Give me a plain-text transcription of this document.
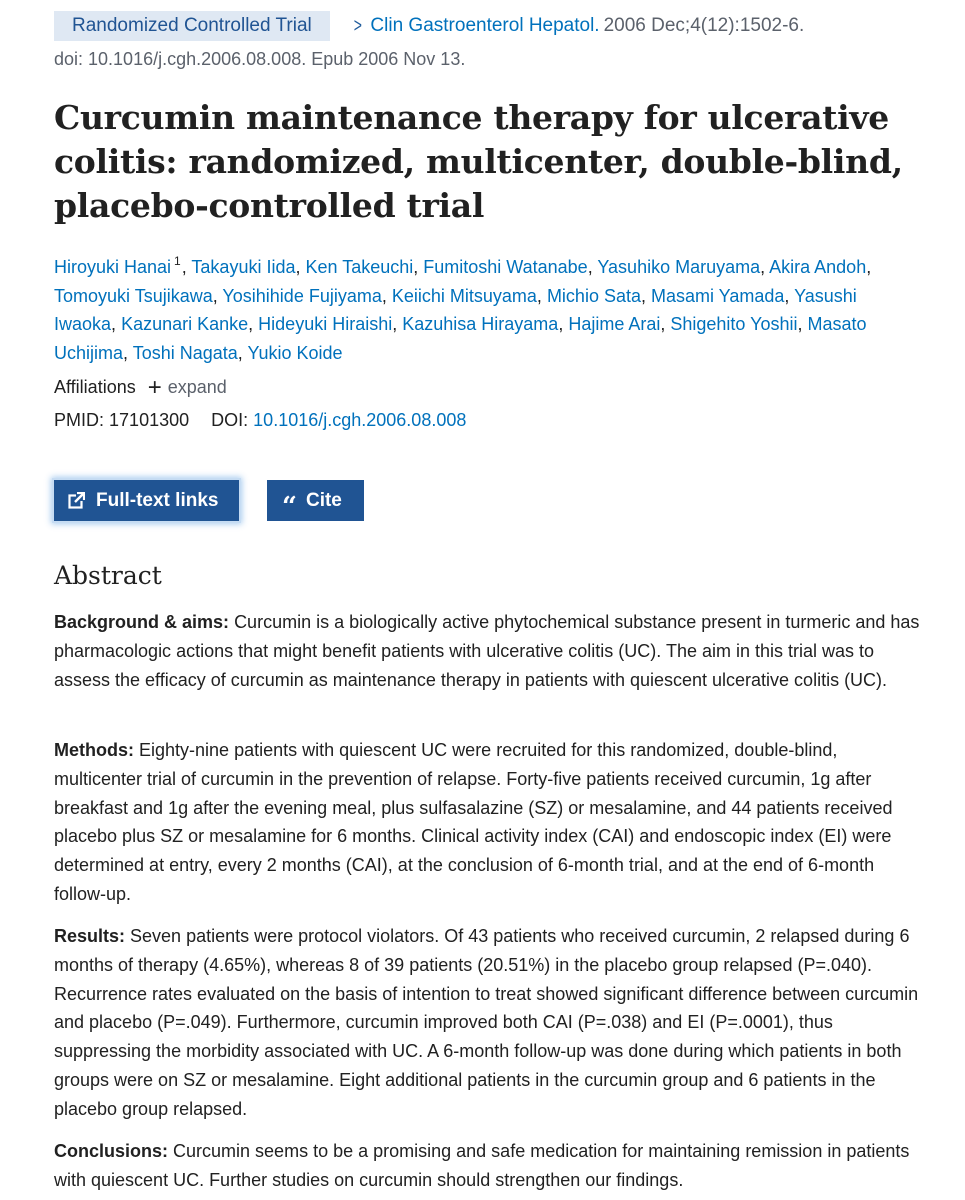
Randomized Controlled Trial	> Clin Gastroenterol Hepatol. 2006 Dec;4(12):1502-6.
doi: 10.1016/j.cgh.2006.08.008. Epub 2006 Nov 13.
Curcumin maintenance therapy for ulcerative colitis: randomized, multicenter, double-blind, placebo-controlled trial
Hiroyuki Hanai $^1$, Takayuki Iida, Ken Takeuchi, Fumitoshi Watanabe, Yasuhiko Maruyama, Akira Andoh, Tomoyuki Tsujikawa, Yosihihide Fujiyama, Keiichi Mitsuyama, Michio Sata, Masami Yamada, Yasushi Iwaoka, Kazunari Kanke, Hideyuki Hiraishi, Kazuhisa Hirayama, Hajime Arai, Shigehito Yoshii, Masato Uchijima, Toshi Nagata, Yukio Koide
Affiliations + expand
PMID: 17101300 DOI: 10.1016/j.cgh.2006.08.008
Full-text links “ Cite
Abstract

Background & aims: Curcumin is a biologically active phytochemical substance present in turmeric and has pharmacologic actions that might benefit patients with ulcerative colitis (UC). The aim in this trial was to assess the efficacy of curcumin as maintenance therapy in patients with quiescent ulcerative colitis (UC).

Methods: Eighty-nine patients with quiescent UC were recruited for this randomized, double-blind, multicenter trial of curcumin in the prevention of relapse. Forty-five patients received curcumin, 1g after breakfast and 1g after the evening meal, plus sulfasalazine (SZ) or mesalamine, and 44 patients received placebo plus SZ or mesalamine for 6 months. Clinical activity index (CAI) and endoscopic index (EI) were determined at entry, every 2 months (CAI), at the conclusion of 6-month trial, and at the end of 6-month follow-up.

Results: Seven patients were protocol violators. Of 43 patients who received curcumin, 2 relapsed during 6 months of therapy (4.65%), whereas 8 of 39 patients (20.51%) in the placebo group relapsed (P=.040). Recurrence rates evaluated on the basis of intention to treat showed significant difference between curcumin and placebo (P=.049). Furthermore, curcumin improved both CAI (P=.038) and EI (P=.0001), thus suppressing the morbidity associated with UC. A 6-month follow-up was done during which patients in both groups were on SZ or mesalamine. Eight additional patients in the curcumin group and 6 patients in the placebo group relapsed.

Conclusions: Curcumin seems to be a promising and safe medication for maintaining remission in patients with quiescent UC. Further studies on curcumin should strengthen our findings.
